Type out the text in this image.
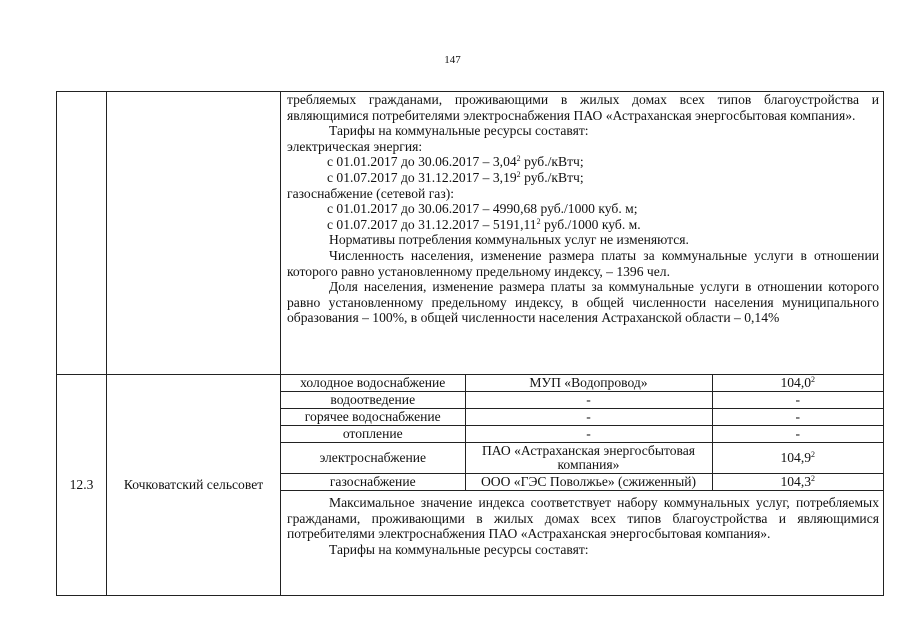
147

требляемых гражданами, проживающими в жилых домах всех типов благоустройства и являющимися потребителями электроснабжения ПАО «Астраханская энергосбытовая компания».
Тарифы на коммунальные ресурсы составят:
электрическая энергия:
с 01.01.2017 до 30.06.2017 – 3,04$^2$ руб./кВтч;
с 01.07.2017 до 31.12.2017 – 3,19$^2$ руб./кВтч;
газоснабжение (сетевой газ):
с 01.01.2017 до 30.06.2017 – 4990,68 руб./1000 куб. м;
с 01.07.2017 до 31.12.2017 – 5191,11$^2$ руб./1000 куб. м.
Нормативы потребления коммунальных услуг не изменяются.
Численность населения, изменение размера платы за коммунальные услуги в отношении которого равно установленному предельному индексу, – 1396 чел.
Доля населения, изменение размера платы за коммунальные услуги в отношении которого равно установленному предельному индексу, в общей численности населения муниципального образования – 100%, в общей численности населения Астраханской области – 0,14%

12.3	Кочковатский сельсовет	
холодное водоснабжение	МУП «Водопровод»	104,0$^2$
водоотведение	-	-
горячее водоснабжение	-	-
отопление	-	-
электроснабжение	ПАО «Астраханская энергосбытовая компания»	104,9$^2$
газоснабжение	ООО «ГЭС Поволжье» (сжиженный)	104,3$^2$
Максимальное значение индекса соответствует набору коммунальных услуг, потребляемых гражданами, проживающими в жилых домах всех типов благоустройства и являющимися потребителями электроснабжения ПАО «Астраханская энергосбытовая компания».
Тарифы на коммунальные ресурсы составят:
